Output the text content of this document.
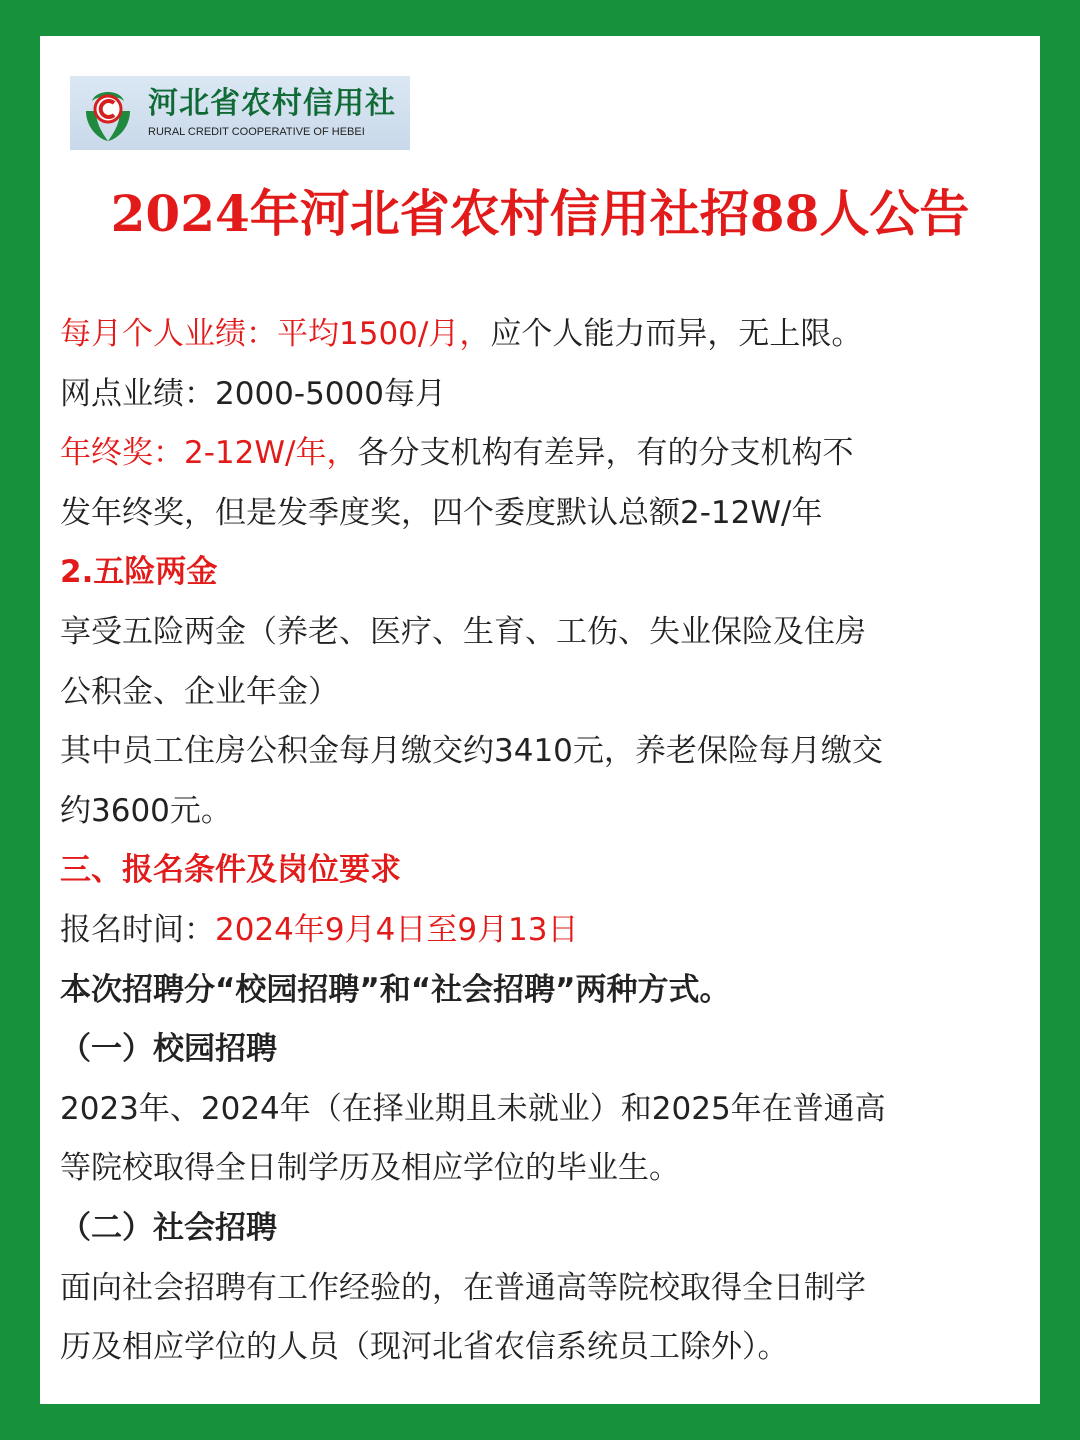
河北省农村信用社
RURAL CREDIT COOPERATIVE OF HEBEI
2024年河北省农村信用社招88人公告
每月个人业绩：平均1500/月，应个人能力而异，无上限。
网点业绩：2000-5000每月
年终奖：2-12W/年，各分支机构有差异，有的分支机构不
发年终奖，但是发季度奖，四个委度默认总额2-12W/年
2.五险两金
享受五险两金（养老、医疗、生育、工伤、失业保险及住房
公积金、企业年金）
其中员工住房公积金每月缴交约3410元，养老保险每月缴交
约3600元。
三、报名条件及岗位要求
报名时间：2024年9月4日至9月13日
本次招聘分“校园招聘”和“社会招聘”两种方式。
（一）校园招聘
2023年、2024年（在择业期且未就业）和2025年在普通高
等院校取得全日制学历及相应学位的毕业生。
（二）社会招聘
面向社会招聘有工作经验的，在普通高等院校取得全日制学
历及相应学位的人员（现河北省农信系统员工除外）。
